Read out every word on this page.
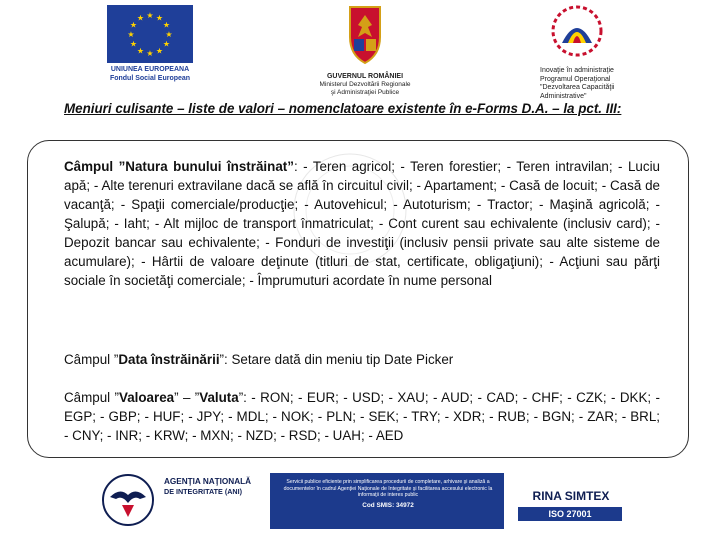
★ ★
★
★
★
★
★
★
★
★
★
★
UNIUNEA EUROPEANA
Fondul Social European	GUVERNUL ROMÂNIEI
Ministerul Dezvoltării Regionale
şi Administraţiei Publice
Inovaţie în administraţie
Programul Operaţional
"Dezvoltarea Capacităţii
Administrative"
Meniuri culisante – liste de valori – nomenclatoare existente în e-Forms D.A. – la pct. III:
Câmpul ”Natura bunului înstrăinat”: - Teren agricol; - Teren forestier; - Teren intravilan; - Luciu apă; - Alte terenuri extravilane dacă se află în circuitul civil; - Apartament; - Casă de locuit; - Casă de vacanţă; - Spaţii comerciale/producţie; - Autovehicul; - Autoturism; - Tractor; - Maşină agricolă; - Şalupă; - Iaht; - Alt mijloc de transport înmatriculat; - Cont curent sau echivalente (inclusiv card); - Depozit bancar sau echivalente; - Fonduri de investiţii (inclusiv pensii private sau alte sisteme de acumulare); - Hârtii de valoare deţinute (titluri de stat, certificate, obligaţiuni); - Acţiuni sau părţi sociale în societăţi comerciale; - Împrumuturi acordate în nume personal
Câmpul ”Data înstrăinării”: Setare dată din meniu tip Date Picker
Câmpul ”Valoarea” – ”Valuta”: - RON; - EUR; - USD; - XAU; - AUD; - CAD; - CHF; - CZK; - DKK; - EGP; - GBP; - HUF; - JPY; - MDL; - NOK; - PLN; - SEK; - TRY; - XDR; - RUB; - BGN; - ZAR; - BRL; - CNY; - INR; - KRW; - MXN; - NZD; - RSD; - UAH; - AED
AGENŢIA NAŢIONALĂ
DE INTEGRITATE (ANI)
Servicii publice eficiente prin simplificarea procedurii de completare, arhivare şi analiză a documentelor în cadrul Agenţiei Naţionale de Integritate şi facilitarea accesului electronic la informaţii de interes public
Cod SMIS: 34972
RINA SIMTEX
ISO 27001 REGISTERED
